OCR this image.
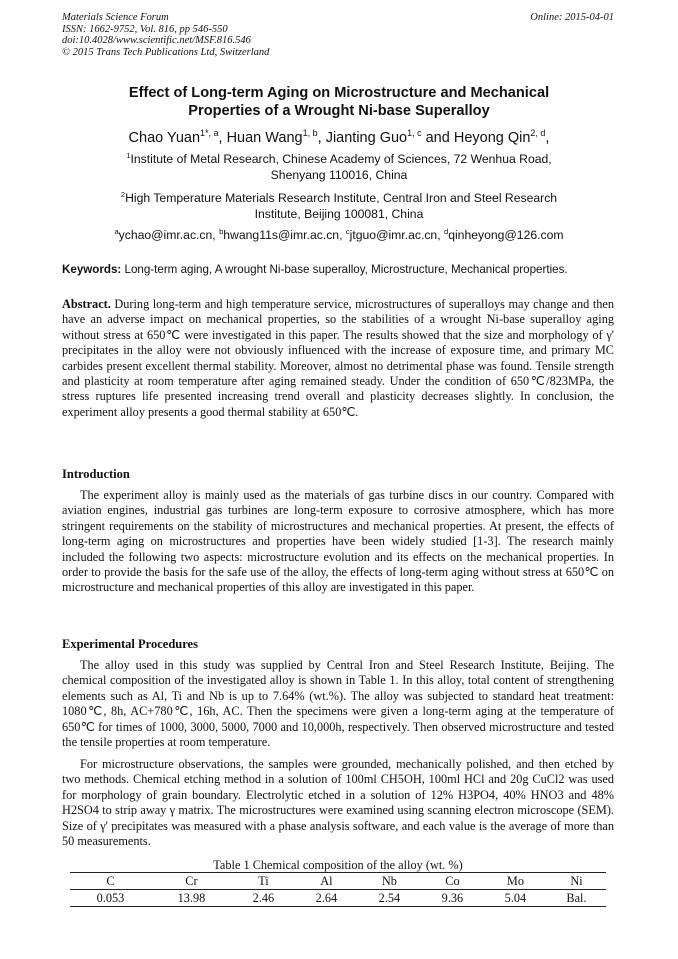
Materials Science Forum
ISSN: 1662-9752, Vol. 816, pp 546-550
doi:10.4028/www.scientific.net/MSF.816.546
© 2015 Trans Tech Publications Ltd, Switzerland
Online: 2015-04-01
Effect of Long-term Aging on Microstructure and Mechanical
Properties of a Wrought Ni-base Superalloy
Chao Yuan$^{1*, a}$, Huan Wang$^{1, b}$, Jianting Guo$^{1, c}$ and Heyong Qin$^{2, d}$,
$^1$Institute of Metal Research, Chinese Academy of Sciences, 72 Wenhua Road,
Shenyang 110016, China
$^2$High Temperature Materials Research Institute, Central Iron and Steel Research
Institute, Beijing 100081, China
$^a$ychao@imr.ac.cn, $^b$hwang11s@imr.ac.cn, $^c$jtguo@imr.ac.cn, $^d$qinheyong@126.com
Keywords: Long-term aging, A wrought Ni-base superalloy, Microstructure, Mechanical properties.

Abstract. During long-term and high temperature service, microstructures of superalloys may change and then have an adverse impact on mechanical properties, so the stabilities of a wrought Ni-base superalloy aging without stress at 650℃ were investigated in this paper. The results showed that the size and morphology of γ' precipitates in the alloy were not obviously influenced with the increase of exposure time, and primary MC carbides present excellent thermal stability. Moreover, almost no detrimental phase was found. Tensile strength and plasticity at room temperature after aging remained steady. Under the condition of 650℃/823MPa, the stress ruptures life presented increasing trend overall and plasticity decreases slightly. In conclusion, the experiment alloy presents a good thermal stability at 650℃.

Introduction

The experiment alloy is mainly used as the materials of gas turbine discs in our country. Compared with aviation engines, industrial gas turbines are long-term exposure to corrosive atmosphere, which has more stringent requirements on the stability of microstructures and mechanical properties. At present, the effects of long-term aging on microstructures and properties have been widely studied [1-3]. The research mainly included the following two aspects: microstructure evolution and its effects on the mechanical properties. In order to provide the basis for the safe use of the alloy, the effects of long-term aging without stress at 650℃ on microstructure and mechanical properties of this alloy are investigated in this paper.

Experimental Procedures

The alloy used in this study was supplied by Central Iron and Steel Research Institute, Beijing. The chemical composition of the investigated alloy is shown in Table 1. In this alloy, total content of strengthening elements such as Al, Ti and Nb is up to 7.64% (wt.%). The alloy was subjected to standard heat treatment: 1080℃, 8h, AC+780℃, 16h, AC. Then the specimens were given a long-term aging at the temperature of 650℃ for times of 1000, 3000, 5000, 7000 and 10,000h, respectively. Then observed microstructure and tested the tensile properties at room temperature.

For microstructure observations, the samples were grounded, mechanically polished, and then etched by two methods. Chemical etching method in a solution of 100ml CH5OH, 100ml HCl and 20g CuCl2 was used for morphology of grain boundary. Electrolytic etched in a solution of 12% H3PO4, 40% HNO3 and 48% H2SO4 to strip away γ matrix. The microstructures were examined using scanning electron microscope (SEM). Size of γ' precipitates was measured with a phase analysis software, and each value is the average of more than 50 measurements.

Table 1 Chemical composition of the alloy (wt. %)
C	Cr	Ti	Al	Nb	Co	Mo	Ni
0.053	13.98	2.46	2.64	2.54	9.36	5.04	Bal.
